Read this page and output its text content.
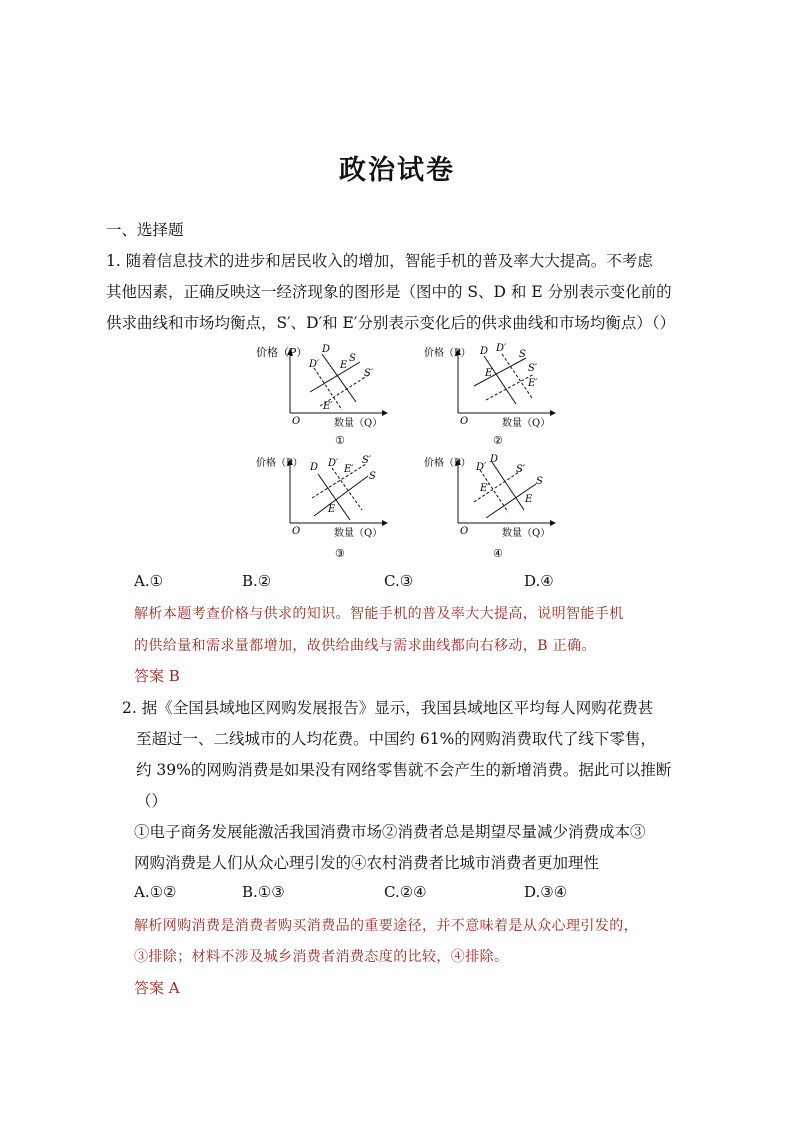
政治试卷
一、选择题
1. 随着信息技术的进步和居民收入的增加，智能手机的普及率大大提高。不考虑
其他因素，正确反映这一经济现象的图形是（图中的 S、D 和 E 分别表示变化前的
供求曲线和市场均衡点，S′、D′和 E′分别表示变化后的供求曲线和市场均衡点）（）
价格（P）
数量（Q）
O
D
D′
S
S′
E
E′
①
价格（P）
数量（Q）
O
D D′
S
S′
E
E′
②
价格（P）
数量（Q）
O
D D′
S
S′
E
E′
③
价格（P）
数量（Q）
O
D
D′
S
S′
E
E′
④
A.①	B.②	C.③	D.④
解析本题考查价格与供求的知识。智能手机的普及率大大提高，说明智能手机
的供给量和需求量都增加，故供给曲线与需求曲线都向右移动，B 正确。
答案 B
2. 据《全国县域地区网购发展报告》显示，我国县域地区平均每人网购花费甚
至超过一、二线城市的人均花费。中国约 61%的网购消费取代了线下零售，
约 39%的网购消费是如果没有网络零售就不会产生的新增消费。据此可以推断
（）
①电子商务发展能激活我国消费市场②消费者总是期望尽量减少消费成本③
网购消费是人们从众心理引发的④农村消费者比城市消费者更加理性
A.①②	B.①③	C.②④	D.③④
解析网购消费是消费者购买消费品的重要途径，并不意味着是从众心理引发的，
③排除；材料不涉及城乡消费者消费态度的比较，④排除。
答案 A
